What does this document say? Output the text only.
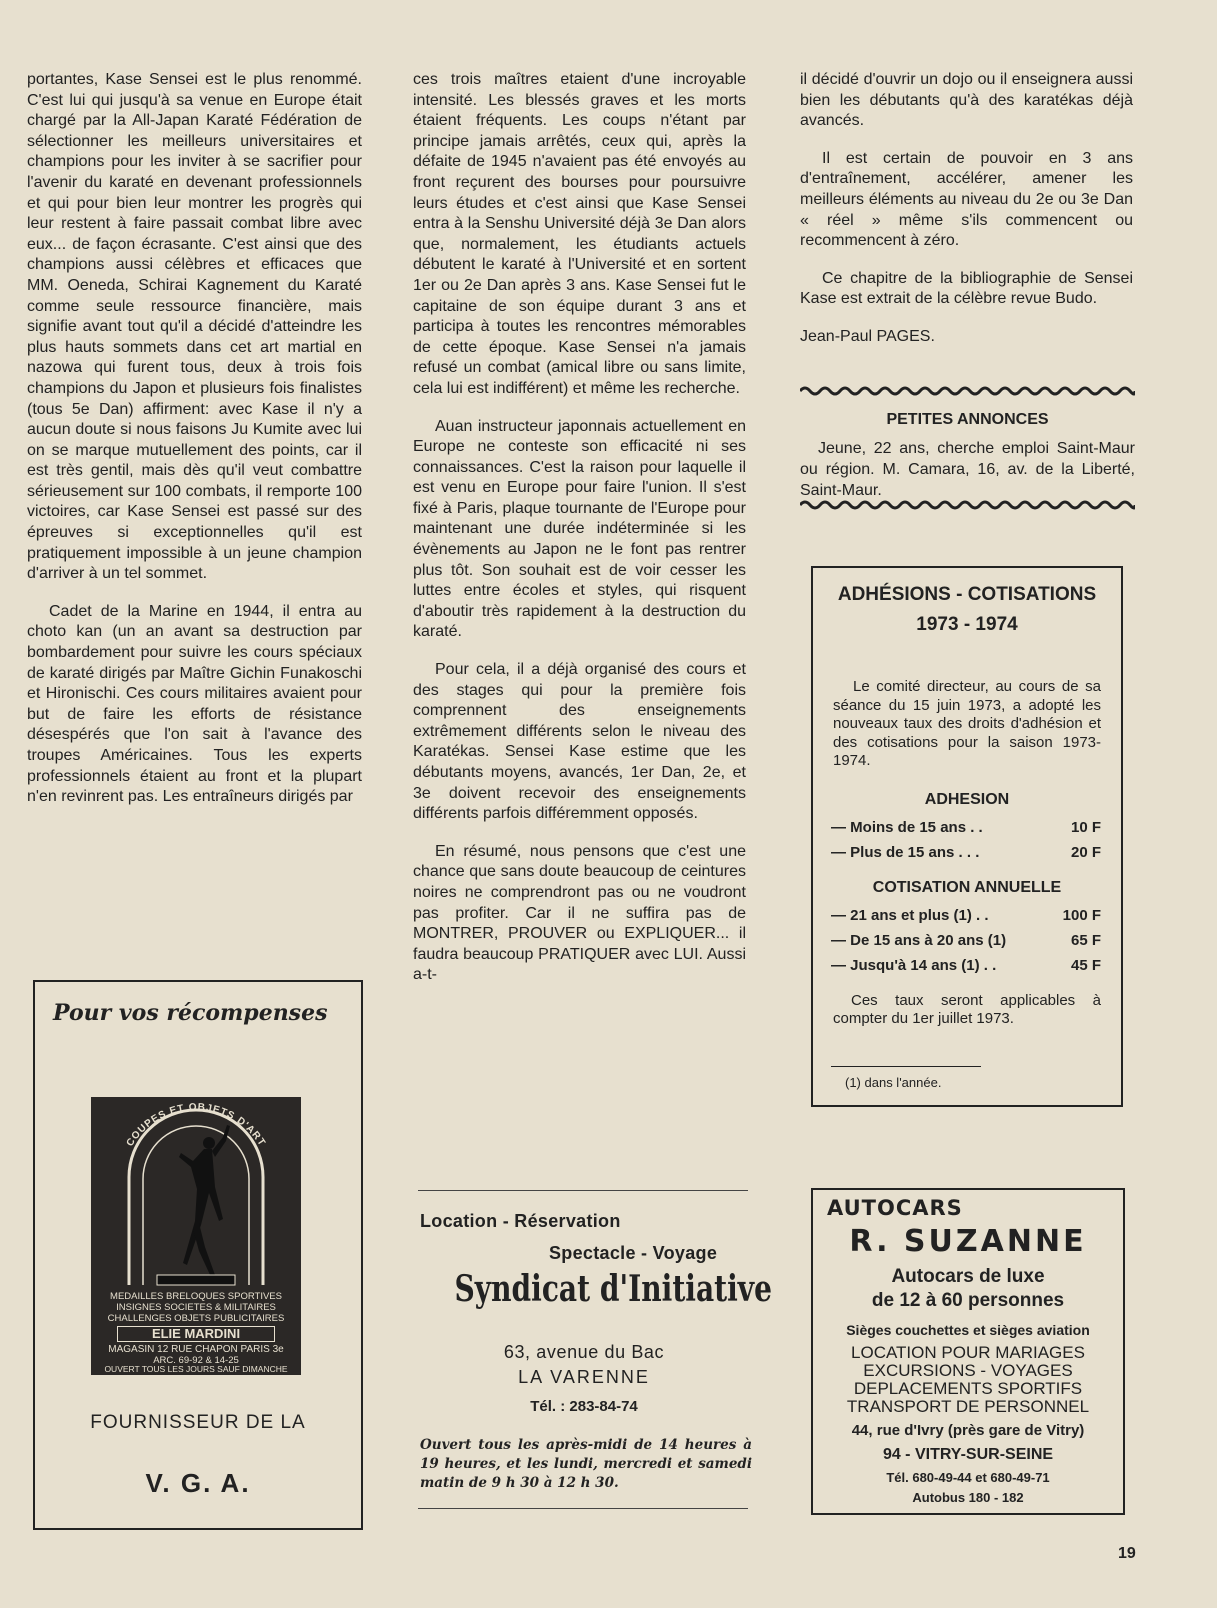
portantes, Kase Sensei est le plus renommé. C'est lui qui jusqu'à sa venue en Europe était chargé par la All-Japan Karaté Fédération de sélectionner les meilleurs universitaires et champions pour les inviter à se sacrifier pour l'avenir du karaté en devenant professionnels et qui pour bien leur montrer les progrès qui leur restent à faire passait combat libre avec eux... de façon écrasante. C'est ainsi que des champions aussi célèbres et efficaces que MM. Oeneda, Schirai Kagnement du Karaté comme seule ressource financière, mais signifie avant tout qu'il a décidé d'atteindre les plus hauts sommets dans cet art martial en nazowa qui furent tous, deux à trois fois champions du Japon et plusieurs fois finalistes (tous 5e Dan) affirment: avec Kase il n'y a aucun doute si nous faisons Ju Kumite avec lui on se marque mutuellement des points, car il est très gentil, mais dès qu'il veut combattre sérieusement sur 100 combats, il remporte 100 victoires, car Kase Sensei est passé sur des épreuves si exceptionnelles qu'il est pratiquement impossible à un jeune champion d'arriver à un tel sommet.

Cadet de la Marine en 1944, il entra au choto kan (un an avant sa destruction par bombardement pour suivre les cours spéciaux de karaté dirigés par Maître Gichin Funakoschi et Hironischi. Ces cours militaires avaient pour but de faire les efforts de résistance désespérés que l'on sait à l'avance des troupes Américaines. Tous les experts professionnels étaient au front et la plupart n'en revinrent pas. Les entraîneurs dirigés par

ces trois maîtres etaient d'une incroyable intensité. Les blessés graves et les morts étaient fréquents. Les coups n'étant par principe jamais arrêtés, ceux qui, après la défaite de 1945 n'avaient pas été envoyés au front reçurent des bourses pour poursuivre leurs études et c'est ainsi que Kase Sensei entra à la Senshu Université déjà 3e Dan alors que, normalement, les étudiants actuels débutent le karaté à l'Université et en sortent 1er ou 2e Dan après 3 ans. Kase Sensei fut le capitaine de son équipe durant 3 ans et participa à toutes les rencontres mémorables de cette époque. Kase Sensei n'a jamais refusé un combat (amical libre ou sans limite, cela lui est indifférent) et même les recherche.

Auan instructeur japonnais actuellement en Europe ne conteste son efficacité ni ses connaissances. C'est la raison pour laquelle il est venu en Europe pour faire l'union. Il s'est fixé à Paris, plaque tournante de l'Europe pour maintenant une durée indéterminée si les évènements au Japon ne le font pas rentrer plus tôt. Son souhait est de voir cesser les luttes entre écoles et styles, qui risquent d'aboutir très rapidement à la destruction du karaté.

Pour cela, il a déjà organisé des cours et des stages qui pour la première fois comprennent des enseignements extrêmement différents selon le niveau des Karatékas. Sensei Kase estime que les débutants moyens, avancés, 1er Dan, 2e, et 3e doivent recevoir des enseignements différents parfois différemment opposés.

En résumé, nous pensons que c'est une chance que sans doute beaucoup de ceintures noires ne comprendront pas ou ne voudront pas profiter. Car il ne suffira pas de MONTRER, PROUVER ou EXPLIQUER... il faudra beaucoup PRATIQUER avec LUI. Aussi a-t-

il décidé d'ouvrir un dojo ou il enseignera aussi bien les débutants qu'à des karatékas déjà avancés.

Il est certain de pouvoir en 3 ans d'entraînement, accélérer, amener les meilleurs éléments au niveau du 2e ou 3e Dan « réel » même s'ils commencent ou recommencent à zéro.

Ce chapitre de la bibliographie de Sensei Kase est extrait de la célèbre revue Budo.

Jean-Paul PAGES.

PETITES ANNONCES
Jeune, 22 ans, cherche emploi Saint-Maur ou région. M. Camara, 16, av. de la Liberté, Saint-Maur.
ADHÉSIONS - COTISATIONS
1973 - 1974
Le comité directeur, au cours de sa séance du 15 juin 1973, a adopté les nouveaux taux des droits d'adhésion et des cotisations pour la saison 1973-1974.
ADHESION
— Moins de 15 ans . .	10 F
— Plus de 15 ans . . .	20 F
COTISATION ANNUELLE
— 21 ans et plus (1) . .	100 F
— De 15 ans à 20 ans (1)	65 F
— Jusqu'à 14 ans (1) . .	45 F
Ces taux seront applicables à compter du 1er juillet 1973.
(1) dans l'année.
Pour vos récompenses
COUPES ET OBJETS D'ART
MEDAILLES BRELOQUES SPORTIVES
INSIGNES SOCIETES & MILITAIRES
CHALLENGES OBJETS PUBLICITAIRES
ELIE MARDINI
MAGASIN 12 RUE CHAPON PARIS 3e
ARC. 69-92 & 14-25
OUVERT TOUS LES JOURS SAUF DIMANCHE
FOURNISSEUR DE LA
V. G. A.
Location - Réservation
Spectacle - Voyage
Syndicat d'Initiative
63, avenue du Bac
LA VARENNE
Tél. : 283-84-74
Ouvert tous les après-midi de 14 heures à 19 heures, et les lundi, mercredi et samedi matin de 9 h 30 à 12 h 30.
AUTOCARS
R. SUZANNE
Autocars de luxe
de 12 à 60 personnes
Sièges couchettes et sièges aviation
LOCATION POUR MARIAGES
EXCURSIONS - VOYAGES
DEPLACEMENTS SPORTIFS
TRANSPORT DE PERSONNEL
44, rue d'Ivry (près gare de Vitry)
94 - VITRY-SUR-SEINE
Tél. 680-49-44 et 680-49-71
Autobus 180 - 182
19
